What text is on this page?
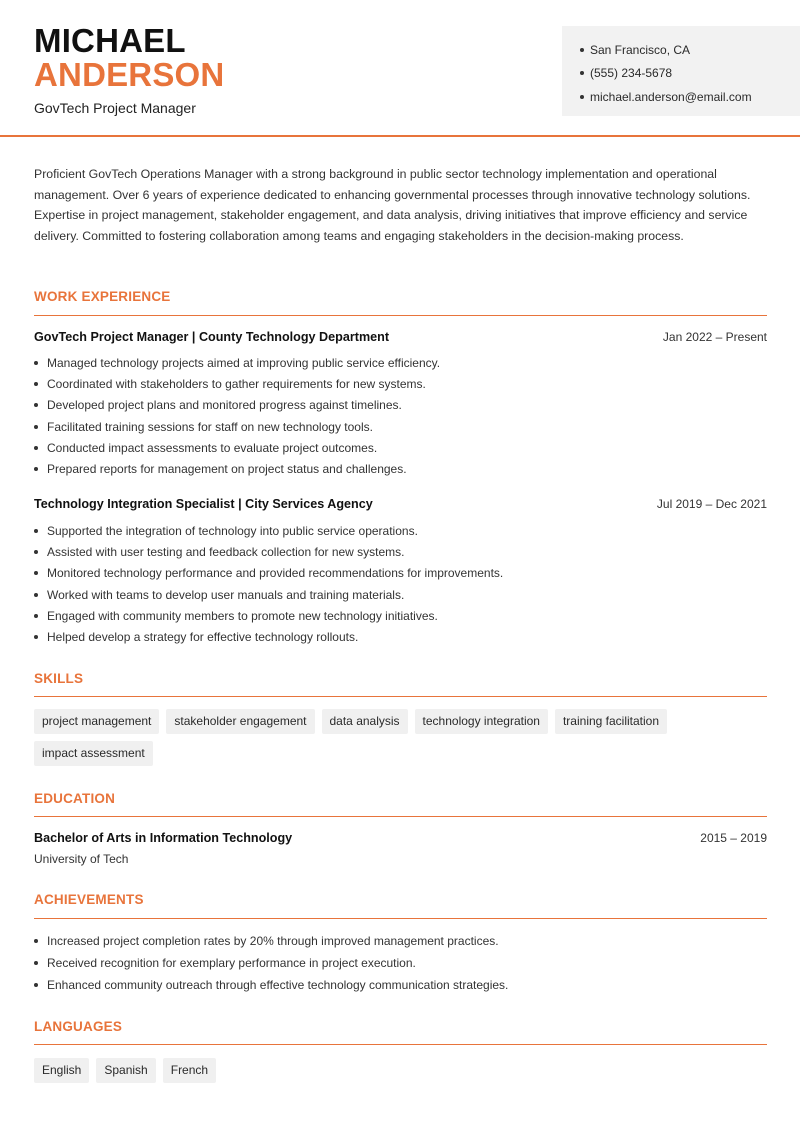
MICHAEL
ANDERSON
GovTech Project Manager
San Francisco, CA
(555) 234-5678
michael.anderson@email.com
Proficient GovTech Operations Manager with a strong background in public sector technology implementation and operational management. Over 6 years of experience dedicated to enhancing governmental processes through innovative technology solutions. Expertise in project management, stakeholder engagement, and data analysis, driving initiatives that improve efficiency and service delivery. Committed to fostering collaboration among teams and engaging stakeholders in the decision-making process.
WORK EXPERIENCE
GovTech Project Manager | County Technology Department	Jan 2022 – Present
Managed technology projects aimed at improving public service efficiency.
Coordinated with stakeholders to gather requirements for new systems.
Developed project plans and monitored progress against timelines.
Facilitated training sessions for staff on new technology tools.
Conducted impact assessments to evaluate project outcomes.
Prepared reports for management on project status and challenges.
Technology Integration Specialist | City Services Agency	Jul 2019 – Dec 2021
Supported the integration of technology into public service operations.
Assisted with user testing and feedback collection for new systems.
Monitored technology performance and provided recommendations for improvements.
Worked with teams to develop user manuals and training materials.
Engaged with community members to promote new technology initiatives.
Helped develop a strategy for effective technology rollouts.
SKILLS
project management	stakeholder engagement	data analysis	technology integration	training facilitation
impact assessment
EDUCATION
Bachelor of Arts in Information Technology	2015 – 2019
University of Tech
ACHIEVEMENTS
Increased project completion rates by 20% through improved management practices.
Received recognition for exemplary performance in project execution.
Enhanced community outreach through effective technology communication strategies.
LANGUAGES
English	Spanish	French
